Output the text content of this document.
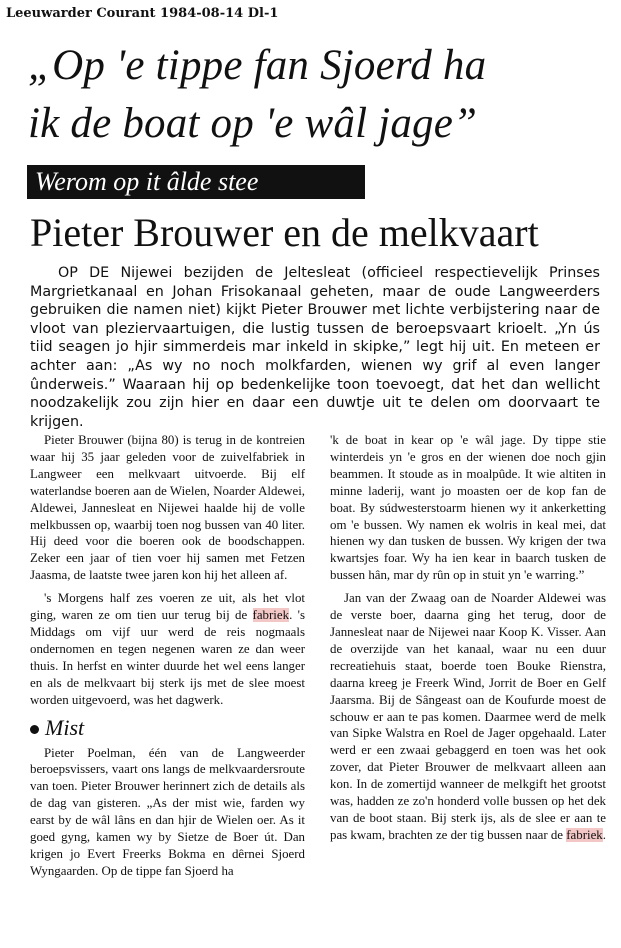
Leeuwarder Courant 1984-08-14 Dl-1
„Op 'e tippe fan Sjoerd ha
ik de boat op 'e wâl jage”
Werom op it âlde stee
Pieter Brouwer en de melkvaart
OP DE Nijewei bezijden de Jeltesleat (officieel respectievelijk Prinses Margrietkanaal en Johan Frisokanaal geheten, maar de oude Langweerders gebruiken die namen niet) kijkt Pieter Brouwer met lichte verbijstering naar de vloot van pleziervaartuigen, die lustig tussen de beroepsvaart krioelt. „Yn ús tiid seagen jo hjir simmerdeis mar inkeld in skipke,” legt hij uit. En meteen er achter aan: „As wy no noch molkfarden, wienen wy grif al even langer ûnderweis.” Waaraan hij op bedenkelijke toon toevoegt, dat het dan wellicht noodzakelijk zou zijn hier en daar een duwtje uit te delen om doorvaart te krijgen.

Pieter Brouwer (bijna 80) is terug in de kontreien waar hij 35 jaar geleden voor de zuivelfabriek in Langweer een melkvaart uitvoerde. Bij elf waterlandse boeren aan de Wielen, Noarder Aldewei, Aldewei, Jannesleat en Nijewei haalde hij de volle melkbussen op, waarbij toen nog bussen van 40 liter. Hij deed voor die boeren ook de boodschappen. Zeker een jaar of tien voer hij samen met Fetzen Jaasma, de laatste twee jaren kon hij het alleen af.

's Morgens half zes voeren ze uit, als het vlot ging, waren ze om tien uur terug bij de fabriek. 's Middags om vijf uur werd de reis nogmaals ondernomen en tegen negenen waren ze dan weer thuis. In herfst en winter duurde het wel eens langer en als de melkvaart bij sterk ijs met de slee moest worden uitgevoerd, was het dagwerk.

Mist

Pieter Poelman, één van de Langweerder beroepsvissers, vaart ons langs de melkvaardersroute van toen. Pieter Brouwer herinnert zich de details als de dag van gisteren. „As der mist wie, farden wy earst by de wâl lâns en dan hjir de Wielen oer. As it goed gyng, kamen wy by Sietze de Boer út. Dan krigen jo Evert Freerks Bokma en dêrnei Sjoerd Wyngaarden. Op de tippe fan Sjoerd ha

'k de boat in kear op 'e wâl jage. Dy tippe stie winterdeis yn 'e gros en der wienen doe noch gjin beammen. It stoude as in moalpûde. It wie altiten in minne laderij, want jo moasten oer de kop fan de boat. By súdwesterstoarm hienen wy it ankerketting om 'e bussen. Wy namen ek wolris in keal mei, dat hienen wy dan tusken de bussen. Wy krigen der twa kwartsjes foar. Wy ha ien kear in baarch tusken de bussen hân, mar dy rûn op in stuit yn 'e warring.”

Jan van der Zwaag oan de Noarder Aldewei was de verste boer, daarna ging het terug, door de Jannesleat naar de Nijewei naar Koop K. Visser. Aan de overzijde van het kanaal, waar nu een duur recreatiehuis staat, boerde toen Bouke Rienstra, daarna kreeg je Freerk Wind, Jorrit de Boer en Gelf Jaarsma. Bij de Sângeast oan de Koufurde moest de schouw er aan te pas komen. Daarmee werd de melk van Sipke Walstra en Roel de Jager opgehaald. Later werd er een zwaai gebaggerd en toen was het ook zover, dat Pieter Brouwer de melkvaart alleen aan kon. In de zomertijd wanneer de melkgift het grootst was, hadden ze zo'n honderd volle bussen op het dek van de boot staan. Bij sterk ijs, als de slee er aan te pas kwam, brachten ze der tig bussen naar de fabriek.
